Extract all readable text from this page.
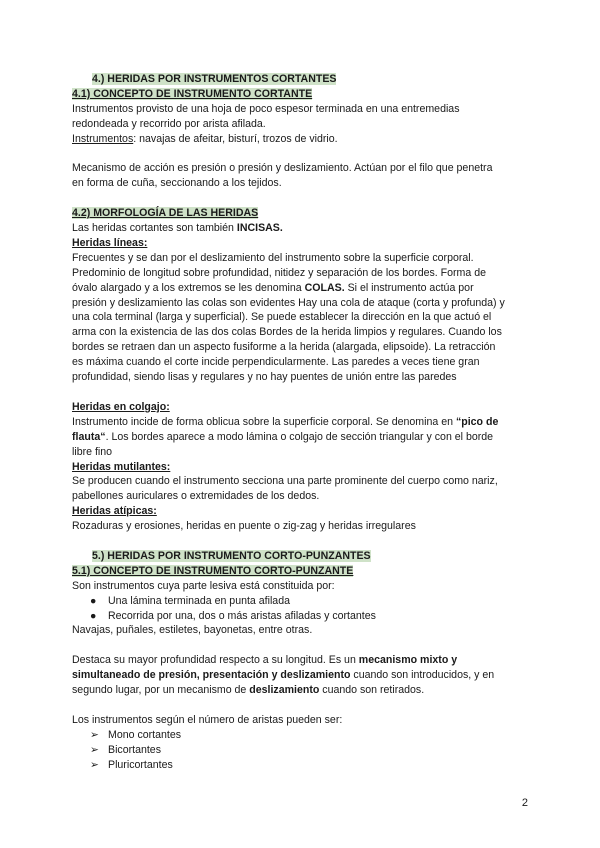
4.) HERIDAS POR INSTRUMENTOS CORTANTES
4.1) CONCEPTO DE INSTRUMENTO CORTANTE
Instrumentos provisto de una hoja de poco espesor terminada en una entremedias
redondeada y recorrido por arista afilada.
Instrumentos: navajas de afeitar, bisturí, trozos de vidrio.
Mecanismo de acción es presión o presión y deslizamiento. Actúan por el filo que penetra
en forma de cuña, seccionando a los tejidos.
4.2) MORFOLOGÍA DE LAS HERIDAS
Las heridas cortantes son también INCISAS.
Heridas líneas:
Frecuentes y se dan por el deslizamiento del instrumento sobre la superficie corporal.
Predominio de longitud sobre profundidad, nitidez y separación de los bordes. Forma de
óvalo alargado y a los extremos se les denomina COLAS. Si el instrumento actúa por
presión y deslizamiento las colas son evidentes Hay una cola de ataque (corta y profunda) y
una cola terminal (larga y superficial). Se puede establecer la dirección en la que actuó el
arma con la existencia de las dos colas Bordes de la herida limpios y regulares. Cuando los
bordes se retraen dan un aspecto fusiforme a la herida (alargada, elipsoide). La retracción
es máxima cuando el corte incide perpendicularmente. Las paredes a veces tiene gran
profundidad, siendo lisas y regulares y no hay puentes de unión entre las paredes
Heridas en colgajo:
Instrumento incide de forma oblicua sobre la superficie corporal. Se denomina en “pico de
flauta“. Los bordes aparece a modo lámina o colgajo de sección triangular y con el borde
libre fino
Heridas mutilantes:
Se producen cuando el instrumento secciona una parte prominente del cuerpo como nariz,
pabellones auriculares o extremidades de los dedos.
Heridas atípicas:
Rozaduras y erosiones, heridas en puente o zig-zag y heridas irregulares
5.) HERIDAS POR INSTRUMENTO CORTO-PUNZANTES
5.1) CONCEPTO DE INSTRUMENTO CORTO-PUNZANTE
Son instrumentos cuya parte lesiva está constituida por:
● Una lámina terminada en punta afilada
● Recorrida por una, dos o más aristas afiladas y cortantes
Navajas, puñales, estiletes, bayonetas, entre otras.
Destaca su mayor profundidad respecto a su longitud. Es un mecanismo mixto y
simultaneado de presión, presentación y deslizamiento cuando son introducidos, y en
segundo lugar, por un mecanismo de deslizamiento cuando son retirados.
Los instrumentos según el número de aristas pueden ser:
➢ Mono cortantes
➢ Bicortantes
➢ Pluricortantes
2
